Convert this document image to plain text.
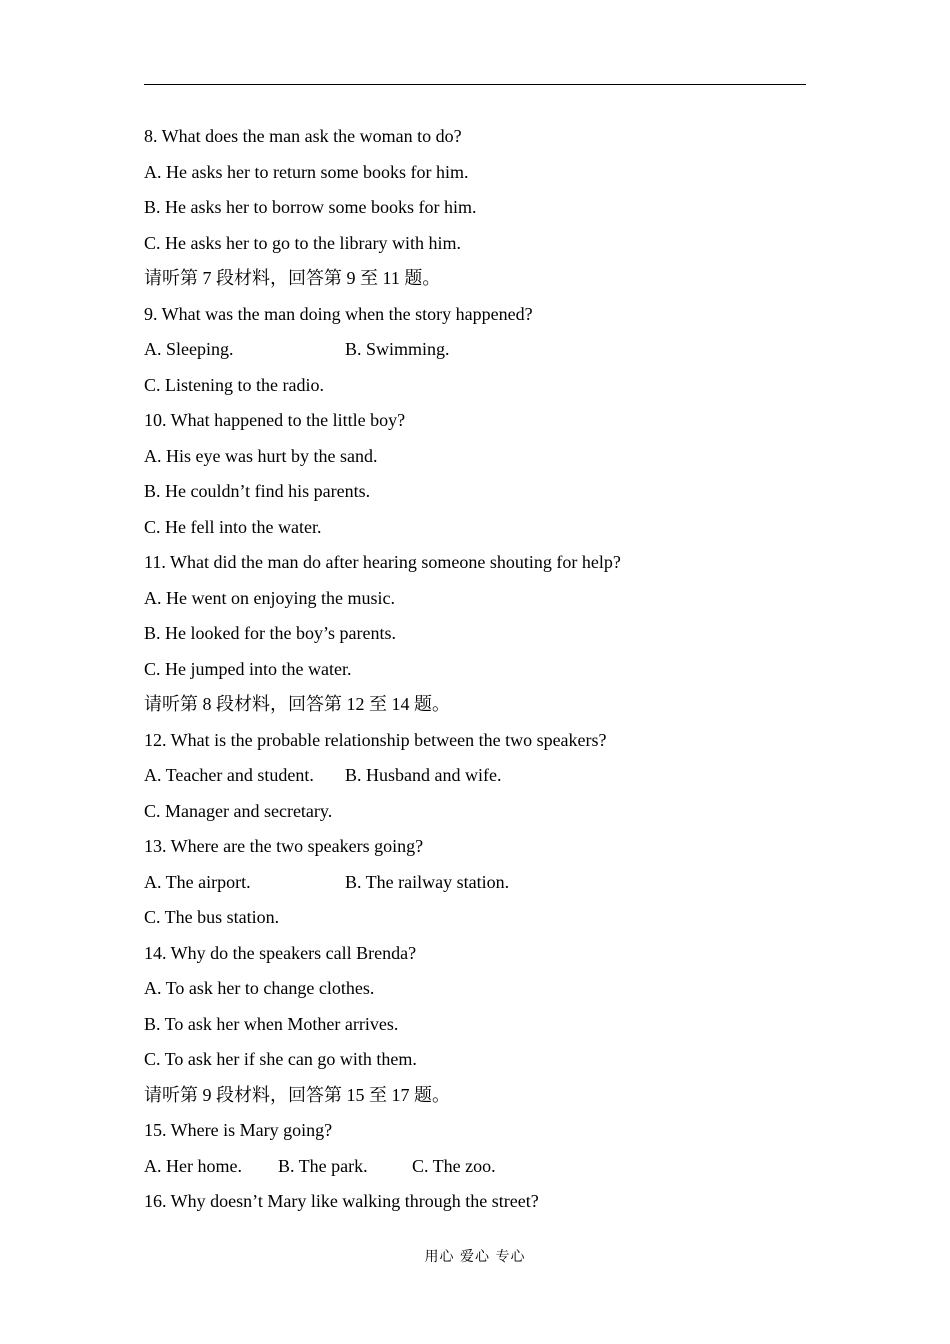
8. What does the man ask the woman to do?
A. He asks her to return some books for him.
B. He asks her to borrow some books for him.
C. He asks her to go to the library with him.
请听第 7 段材料，回答第 9 至 11 题。
9. What was the man doing when the story happened?
A. Sleeping.	B. Swimming.
C. Listening to the radio.
10. What happened to the little boy?
A. His eye was hurt by the sand.
B. He couldn’t find his parents.
C. He fell into the water.
11. What did the man do after hearing someone shouting for help?
A. He went on enjoying the music.
B. He looked for the boy’s parents.
C. He jumped into the water.
请听第 8 段材料，回答第 12 至 14 题。
12. What is the probable relationship between the two speakers?
A. Teacher and student. B. Husband and wife.
C. Manager and secretary.
13. Where are the two speakers going?
A. The airport.	B. The railway station.
C. The bus station.
14. Why do the speakers call Brenda?
A. To ask her to change clothes.
B. To ask her when Mother arrives.
C. To ask her if she can go with them.
请听第 9 段材料，回答第 15 至 17 题。
15. Where is Mary going?
A. Her home. B. The park. C. The zoo.
16. Why doesn’t Mary like walking through the street?
用心 爱心 专心
